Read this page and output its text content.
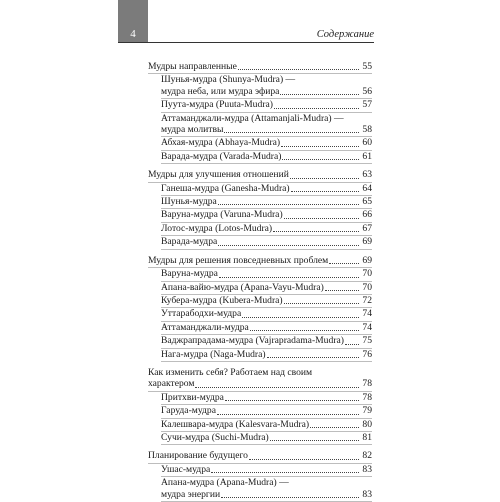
4	Содержание
Мудры направленные	55
Шунья-мудра (Shunya-Mudra) —
мудра неба, или мудра эфира	56
Пуута-мудра (Puuta-Mudra)	57
Аттаманджали-мудра (Attamanjali-Mudra) —
мудра молитвы	58
Абхая-мудра (Abhaya-Mudra)	60
Варада-мудра (Varada-Mudra)	61
Мудры для улучшения отношений	63
Ганеша-мудра (Ganesha-Mudra)	64
Шунья-мудра	65
Варуна-мудра (Varuna-Mudra)	66
Лотос-мудра (Lotos-Mudra)	67
Варада-мудра	69
Мудры для решения повседневных проблем	69
Варуна-мудра	70
Апана-вайю-мудра (Apana-Vayu-Mudra)	70
Кубера-мудра (Kubera-Mudra)	72
Уттарабодхи-мудра	74
Аттаманджали-мудра	74
Ваджрапрадама-мудра (Vajrapradama-Mudra) 75
Нага-мудра (Naga-Mudra)	76
Как изменить себя? Работаем над своим
характером	78
Притхви-мудра	78
Гаруда-мудра	79
Калешвара-мудра (Kalesvara-Mudra)	80
Сучи-мудра (Suchi-Mudra)	81
Планирование будущего	82
Ушас-мудра	83
Апана-мудра (Apana-Mudra) —
мудра энергии	83
